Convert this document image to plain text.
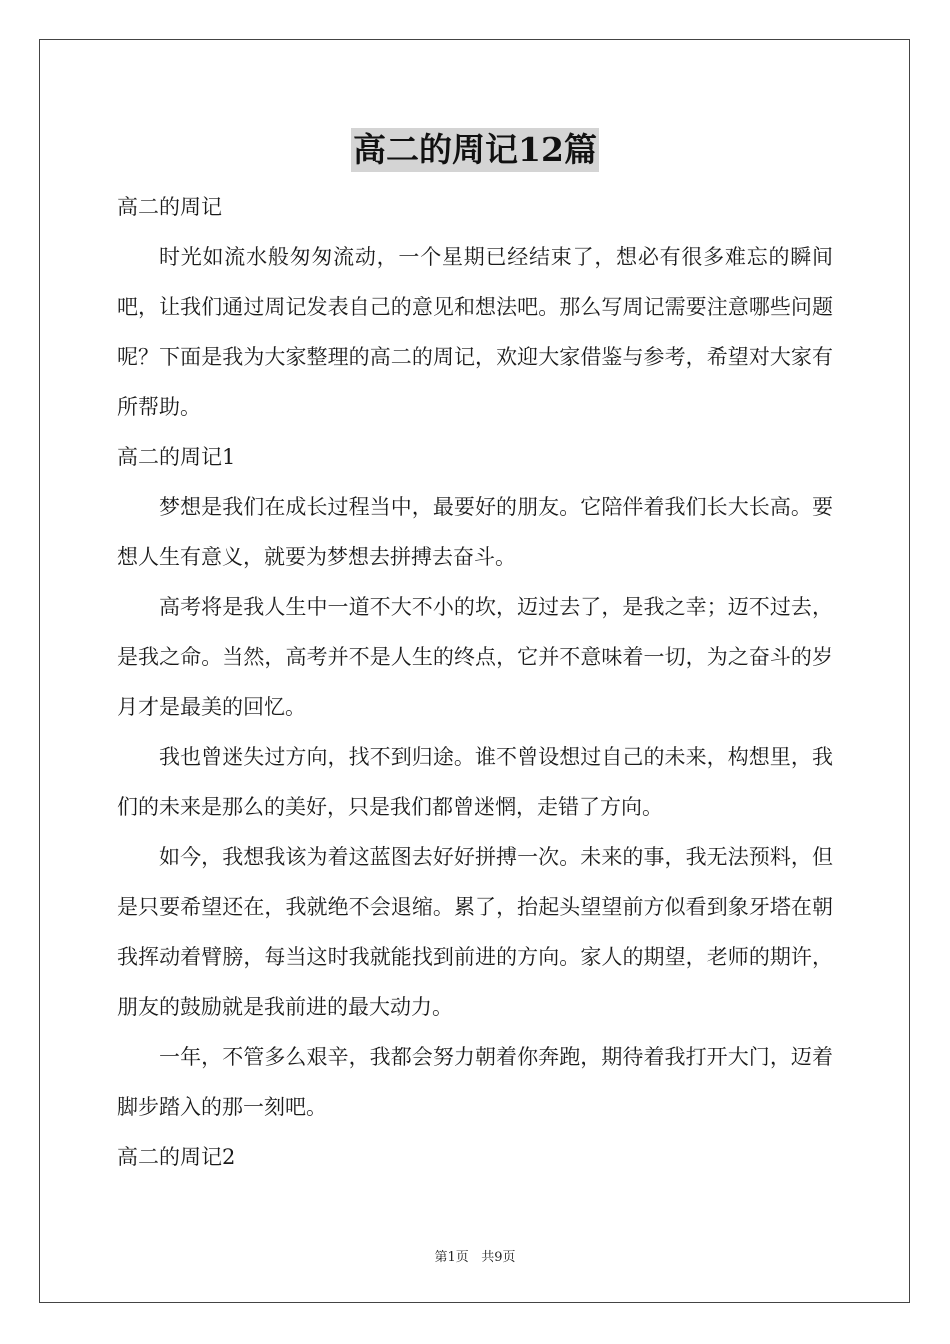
高二的周记12篇
高二的周记

时光如流水般匆匆流动，一个星期已经结束了，想必有很多难忘的瞬间吧，让我们通过周记发表自己的意见和想法吧。那么写周记需要注意哪些问题呢？下面是我为大家整理的高二的周记，欢迎大家借鉴与参考，希望对大家有所帮助。

高二的周记1

梦想是我们在成长过程当中，最要好的朋友。它陪伴着我们长大长高。要想人生有意义，就要为梦想去拼搏去奋斗。

高考将是我人生中一道不大不小的坎，迈过去了，是我之幸；迈不过去，是我之命。当然，高考并不是人生的终点，它并不意味着一切，为之奋斗的岁月才是最美的回忆。

我也曾迷失过方向，找不到归途。谁不曾设想过自己的未来，构想里，我们的未来是那么的美好，只是我们都曾迷惘，走错了方向。

如今，我想我该为着这蓝图去好好拼搏一次。未来的事，我无法预料，但是只要希望还在，我就绝不会退缩。累了，抬起头望望前方似看到象牙塔在朝我挥动着臂膀，每当这时我就能找到前进的方向。家人的期望，老师的期许，朋友的鼓励就是我前进的最大动力。

一年，不管多么艰辛，我都会努力朝着你奔跑，期待着我打开大门，迈着脚步踏入的那一刻吧。

高二的周记2
第1页 共9页
